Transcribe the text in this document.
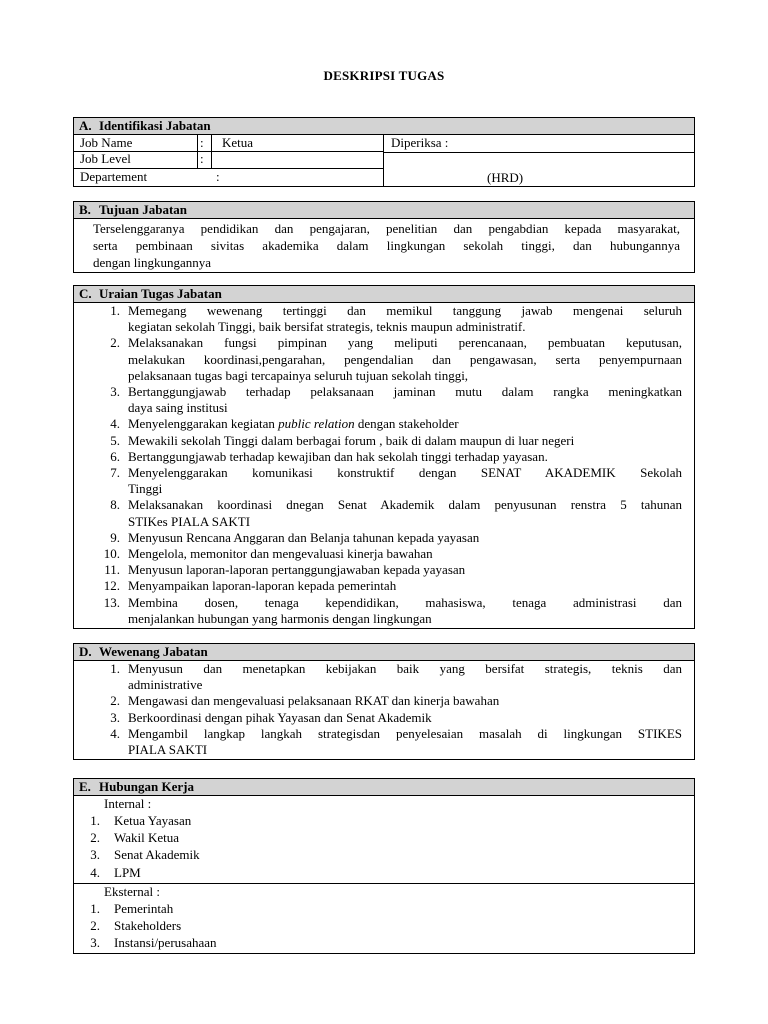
DESKRIPSI TUGAS
A. Identifikasi Jabatan
Job Name	: Ketua	Diperiksa :
Job Level	:
Departement	:	(HRD)
B. Tujuan Jabatan
Terselenggaranya pendidikan dan pengajaran, penelitian dan pengabdian kepada masyarakat,
serta pembinaan sivitas akademika dalam lingkungan sekolah tinggi, dan hubungannya
dengan lingkungannya
C. Uraian Tugas Jabatan
1. Memegang wewenang tertinggi dan memikul tanggung jawab mengenai seluruh
kegiatan sekolah Tinggi, baik bersifat strategis, teknis maupun administratif.
2. Melaksanakan fungsi pimpinan yang meliputi perencanaan, pembuatan keputusan,
melakukan koordinasi,pengarahan, pengendalian dan pengawasan, serta penyempurnaan
pelaksanaan tugas bagi tercapainya seluruh tujuan sekolah tinggi,
3. Bertanggungjawab terhadap pelaksanaan jaminan mutu dalam rangka meningkatkan
daya saing institusi
4. Menyelenggarakan kegiatan public relation dengan stakeholder
5. Mewakili sekolah Tinggi dalam berbagai forum , baik di dalam maupun di luar negeri
6. Bertanggungjawab terhadap kewajiban dan hak sekolah tinggi terhadap yayasan.
7. Menyelenggarakan komunikasi konstruktif dengan SENAT AKADEMIK Sekolah
Tinggi
8. Melaksanakan koordinasi dnegan Senat Akademik dalam penyusunan renstra 5 tahunan
STIKes PIALA SAKTI
9. Menyusun Rencana Anggaran dan Belanja tahunan kepada yayasan
10. Mengelola, memonitor dan mengevaluasi kinerja bawahan
11. Menyusun laporan-laporan pertanggungjawaban kepada yayasan
12. Menyampaikan laporan-laporan kepada pemerintah
13. Membina dosen, tenaga kependidikan, mahasiswa, tenaga administrasi dan
menjalankan hubungan yang harmonis dengan lingkungan
D. Wewenang Jabatan
1. Menyusun dan menetapkan kebijakan baik yang bersifat strategis, teknis dan
administrative
2. Mengawasi dan mengevaluasi pelaksanaan RKAT dan kinerja bawahan
3. Berkoordinasi dengan pihak Yayasan dan Senat Akademik
4. Mengambil langkap langkah strategisdan penyelesaian masalah di lingkungan STIKES
PIALA SAKTI
E. Hubungan Kerja
Internal :
1.	Ketua Yayasan
2.	Wakil Ketua
3.	Senat Akademik
4.	LPM
Eksternal :
1.	Pemerintah
2.	Stakeholders
3.	Instansi/perusahaan
